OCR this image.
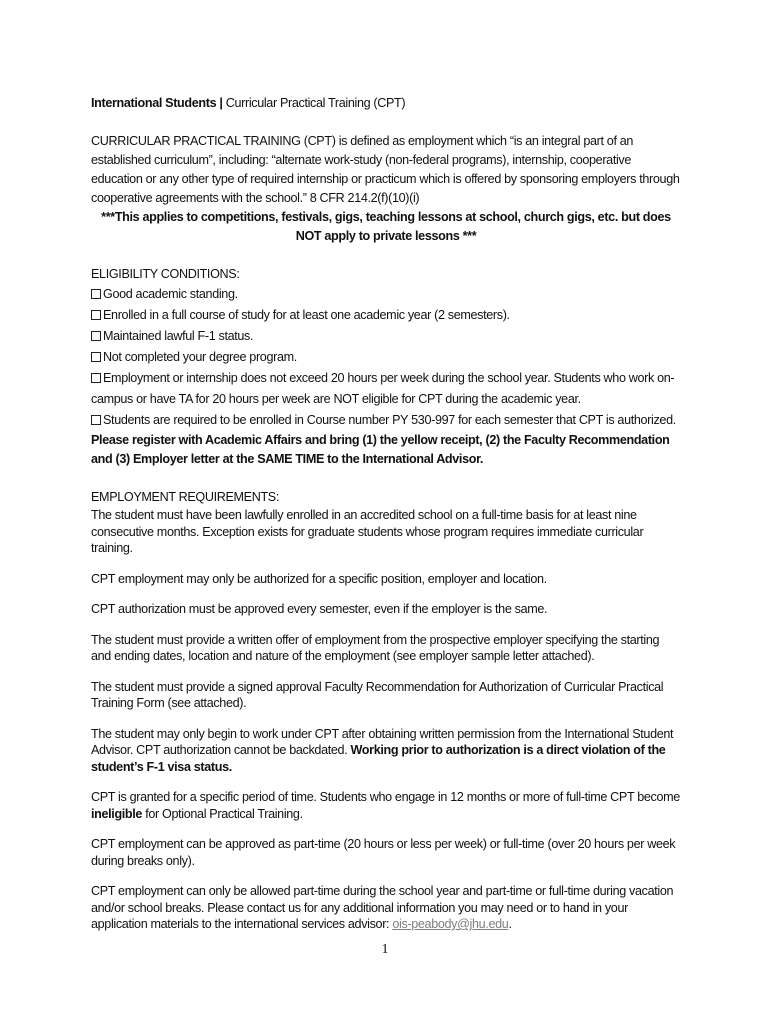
International Students | Curricular Practical Training (CPT)

CURRICULAR PRACTICAL TRAINING (CPT) is defined as employment which “is an integral part of an established curriculum”, including: “alternate work-study (non-federal programs), internship, cooperative education or any other type of required internship or practicum which is offered by sponsoring employers through cooperative agreements with the school.” 8 CFR 214.2(f)(10)(i)

***This applies to competitions, festivals, gigs, teaching lessons at school, church gigs, etc. but does NOT apply to private lessons ***

ELIGIBILITY CONDITIONS:

Good academic standing.

Enrolled in a full course of study for at least one academic year (2 semesters).

Maintained lawful F-1 status.

Not completed your degree program.

Employment or internship does not exceed 20 hours per week during the school year. Students who work on-campus or have TA for 20 hours per week are NOT eligible for CPT during the academic year.

Students are required to be enrolled in Course number PY 530-997 for each semester that CPT is authorized.

Please register with Academic Affairs and bring (1) the yellow receipt, (2) the Faculty Recommendation and (3) Employer letter at the SAME TIME to the International Advisor.

EMPLOYMENT REQUIREMENTS:

The student must have been lawfully enrolled in an accredited school on a full-time basis for at least nine consecutive months. Exception exists for graduate students whose program requires immediate curricular training.

CPT employment may only be authorized for a specific position, employer and location.

CPT authorization must be approved every semester, even if the employer is the same.

The student must provide a written offer of employment from the prospective employer specifying the starting and ending dates, location and nature of the employment (see employer sample letter attached).

The student must provide a signed approval Faculty Recommendation for Authorization of Curricular Practical Training Form (see attached).

The student may only begin to work under CPT after obtaining written permission from the International Student Advisor. CPT authorization cannot be backdated. Working prior to authorization is a direct violation of the student’s F-1 visa status.

CPT is granted for a specific period of time. Students who engage in 12 months or more of full-time CPT become ineligible for Optional Practical Training.

CPT employment can be approved as part-time (20 hours or less per week) or full-time (over 20 hours per week during breaks only).

CPT employment can only be allowed part-time during the school year and part-time or full-time during vacation and/or school breaks. Please contact us for any additional information you may need or to hand in your application materials to the international services advisor: ois-peabody@jhu.edu.

1
